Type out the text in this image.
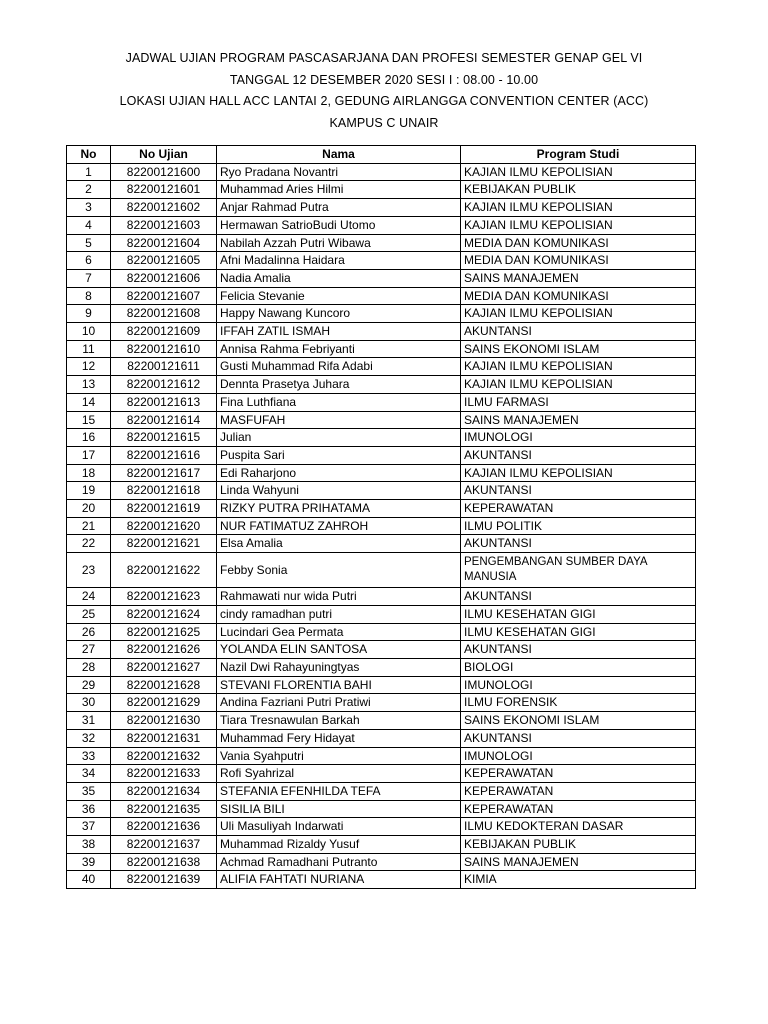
JADWAL UJIAN PROGRAM PASCASARJANA DAN PROFESI SEMESTER GENAP GEL VI
TANGGAL 12 DESEMBER 2020 SESI I : 08.00 - 10.00
LOKASI UJIAN HALL ACC LANTAI 2, GEDUNG AIRLANGGA CONVENTION CENTER (ACC)
KAMPUS C UNAIR
No	No Ujian	Nama	Program Studi
1	82200121600	Ryo Pradana Novantri	KAJIAN ILMU KEPOLISIAN
2	82200121601	Muhammad Aries Hilmi	KEBIJAKAN PUBLIK
3	82200121602	Anjar Rahmad Putra	KAJIAN ILMU KEPOLISIAN
4	82200121603	Hermawan SatrioBudi Utomo	KAJIAN ILMU KEPOLISIAN
5	82200121604	Nabilah Azzah Putri Wibawa	MEDIA DAN KOMUNIKASI
6	82200121605	Afni Madalinna Haidara	MEDIA DAN KOMUNIKASI
7	82200121606	Nadia Amalia	SAINS MANAJEMEN
8	82200121607	Felicia Stevanie	MEDIA DAN KOMUNIKASI
9	82200121608	Happy Nawang Kuncoro	KAJIAN ILMU KEPOLISIAN
10	82200121609	IFFAH ZATIL ISMAH	AKUNTANSI
11	82200121610	Annisa Rahma Febriyanti	SAINS EKONOMI ISLAM
12	82200121611	Gusti Muhammad Rifa Adabi	KAJIAN ILMU KEPOLISIAN
13	82200121612	Dennta Prasetya Juhara	KAJIAN ILMU KEPOLISIAN
14	82200121613	Fina Luthfiana	ILMU FARMASI
15	82200121614	MASFUFAH	SAINS MANAJEMEN
16	82200121615	Julian	IMUNOLOGI
17	82200121616	Puspita Sari	AKUNTANSI
18	82200121617	Edi Raharjono	KAJIAN ILMU KEPOLISIAN
19	82200121618	Linda Wahyuni	AKUNTANSI
20	82200121619	RIZKY PUTRA PRIHATAMA	KEPERAWATAN
21	82200121620	NUR FATIMATUZ ZAHROH	ILMU POLITIK
22	82200121621	Elsa Amalia	AKUNTANSI
23	82200121622	Febby Sonia	PENGEMBANGAN SUMBER DAYA MANUSIA
24	82200121623	Rahmawati nur wida Putri	AKUNTANSI
25	82200121624	cindy ramadhan putri	ILMU KESEHATAN GIGI
26	82200121625	Lucindari Gea Permata	ILMU KESEHATAN GIGI
27	82200121626	YOLANDA ELIN SANTOSA	AKUNTANSI
28	82200121627	Nazil Dwi Rahayuningtyas	BIOLOGI
29	82200121628	STEVANI FLORENTIA BAHI	IMUNOLOGI
30	82200121629	Andina Fazriani Putri Pratiwi	ILMU FORENSIK
31	82200121630	Tiara Tresnawulan Barkah	SAINS EKONOMI ISLAM
32	82200121631	Muhammad Fery Hidayat	AKUNTANSI
33	82200121632	Vania Syahputri	IMUNOLOGI
34	82200121633	Rofi Syahrizal	KEPERAWATAN
35	82200121634	STEFANIA EFENHILDA TEFA	KEPERAWATAN
36	82200121635	SISILIA BILI	KEPERAWATAN
37	82200121636	Uli Masuliyah Indarwati	ILMU KEDOKTERAN DASAR
38	82200121637	Muhammad Rizaldy Yusuf	KEBIJAKAN PUBLIK
39	82200121638	Achmad Ramadhani Putranto	SAINS MANAJEMEN
40	82200121639	ALIFIA FAHTATI NURIANA	KIMIA
